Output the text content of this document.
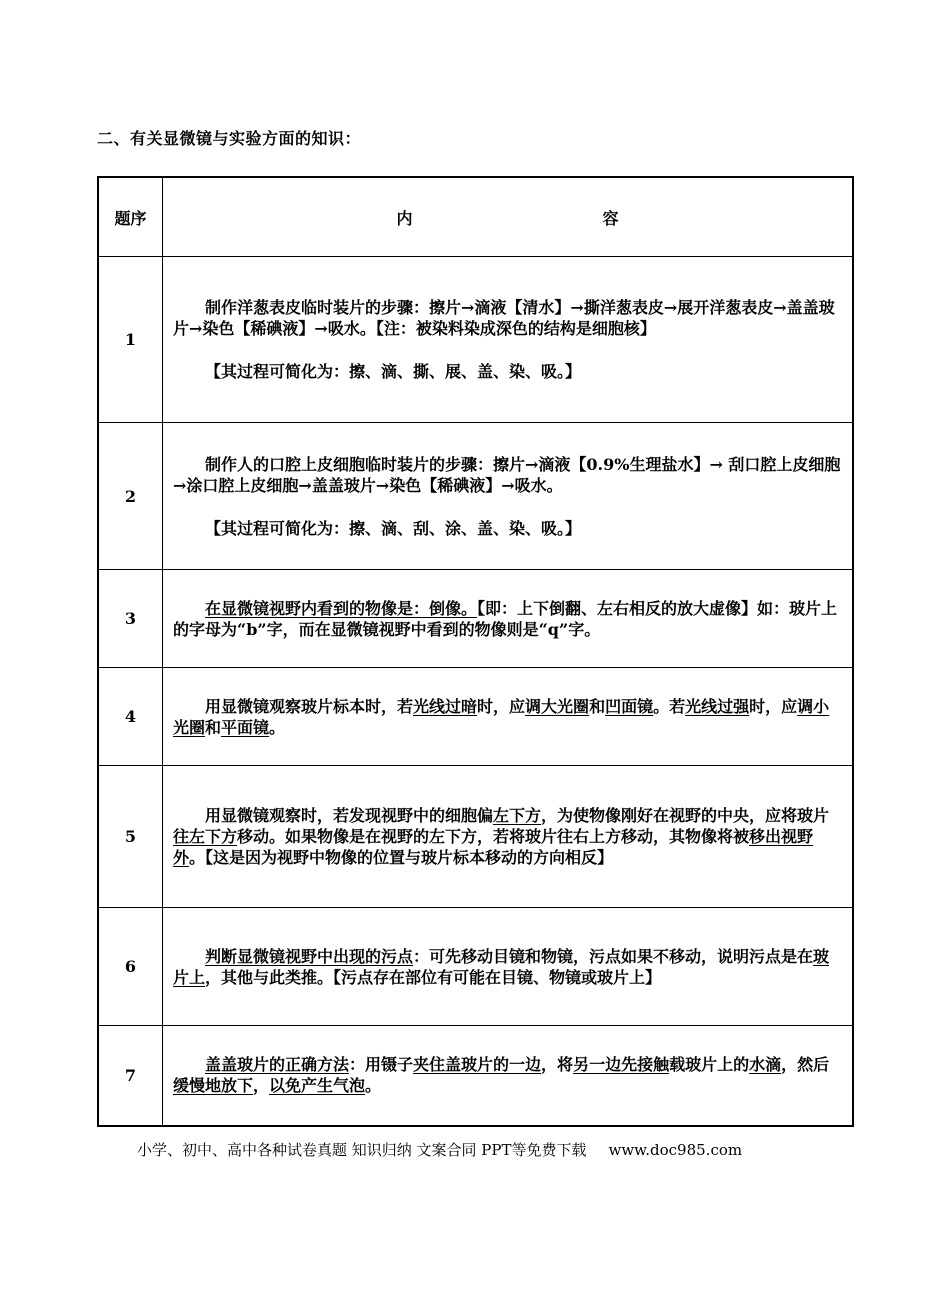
二、有关显微镜与实验方面的知识：
题序	内 容
1	制作洋葱表皮临时装片的步骤：擦片→滴液【清水】→撕洋葱表皮→展开洋葱表皮→盖盖玻片→染色【稀碘液】→吸水。【注：被染料染成深色的结构是细胞核】

【其过程可简化为：擦、滴、撕、展、盖、染、吸。】

2	制作人的口腔上皮细胞临时装片的步骤：擦片→滴液【0.9%生理盐水】→ 刮口腔上皮细胞→涂口腔上皮细胞→盖盖玻片→染色【稀碘液】→吸水。

【其过程可简化为：擦、滴、刮、涂、盖、染、吸。】

3	在显微镜视野内看到的物像是：倒像。【即：上下倒翻、左右相反的放大虚像】如：玻片上的字母为“b”字，而在显微镜视野中看到的物像则是“q”字。

4	用显微镜观察玻片标本时，若光线过暗时，应调大光圈和凹面镜。若光线过强时，应调小光圈和平面镜。

5	用显微镜观察时，若发现视野中的细胞偏左下方，为使物像刚好在视野的中央，应将玻片往左下方移动。如果物像是在视野的左下方，若将玻片往右上方移动，其物像将被移出视野外。【这是因为视野中物像的位置与玻片标本移动的方向相反】

6	判断显微镜视野中出现的污点：可先移动目镜和物镜，污点如果不移动，说明污点是在玻片上，其他与此类推。【污点存在部位有可能在目镜、物镜或玻片上】

7	盖盖玻片的正确方法：用镊子夹住盖玻片的一边，将另一边先接触载玻片上的水滴，然后缓慢地放下，以免产生气泡。

小学、初中、高中各种试卷真题 知识归纳 文案合同 PPT等免费下载 www.doc985.com
